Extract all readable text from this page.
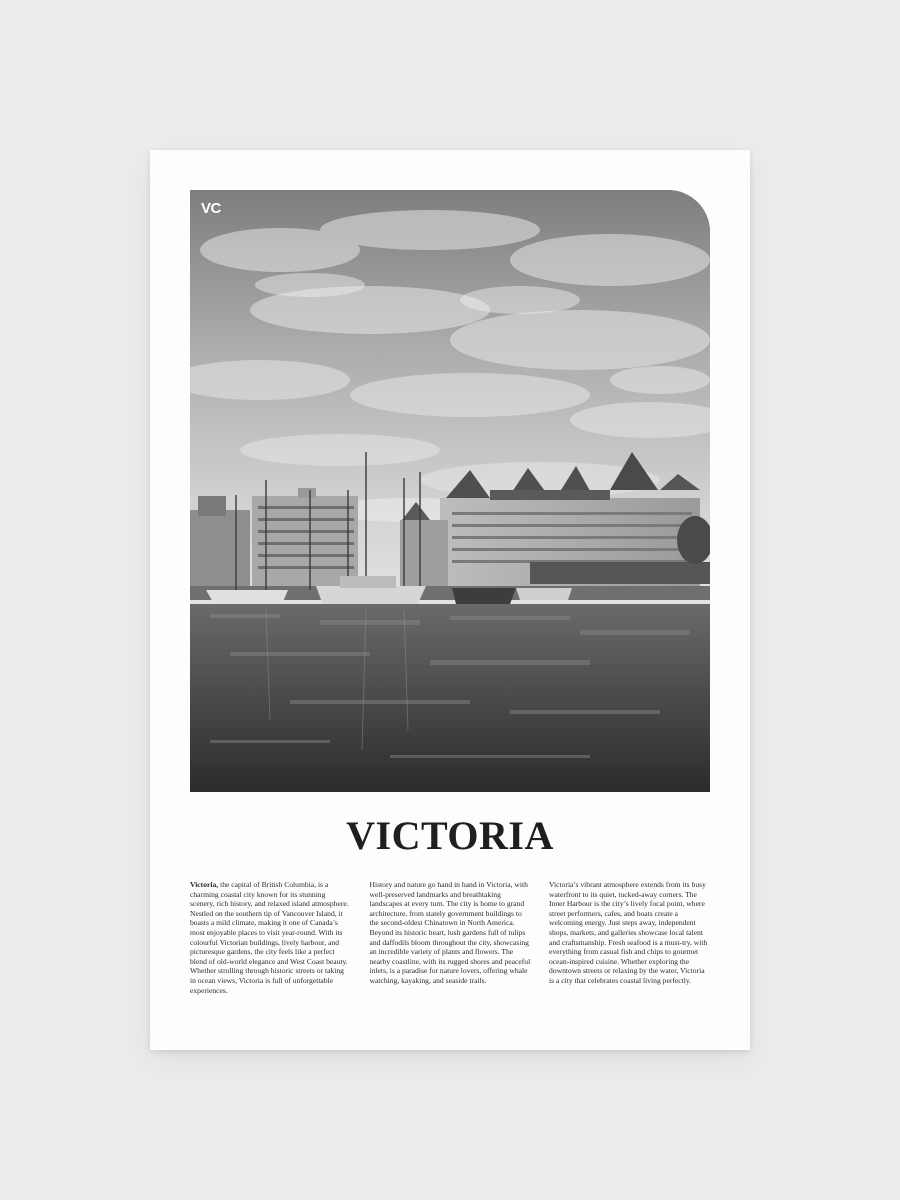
VC
VICTORIA
Victoria, the capital of British Columbia, is a charming coastal city known for its stunning scenery, rich history, and relaxed island atmosphere. Nestled on the southern tip of Vancouver Island, it boasts a mild climate, making it one of Canada’s most enjoyable places to visit year-round. With its colourful Victorian buildings, lively harbour, and picturesque gardens, the city feels like a perfect blend of old-world elegance and West Coast beauty. Whether strolling through historic streets or taking in ocean views, Victoria is full of unforgettable experiences.
History and nature go hand in hand in Victoria, with well-preserved landmarks and breathtaking landscapes at every turn. The city is home to grand architecture, from stately government buildings to the second-oldest Chinatown in North America. Beyond its historic heart, lush gardens full of tulips and daffodils bloom throughout the city, showcasing an incredible variety of plants and flowers. The nearby coastline, with its rugged shores and peaceful inlets, is a paradise for nature lovers, offering whale watching, kayaking, and seaside trails.
Victoria’s vibrant atmosphere extends from its busy waterfront to its quiet, tucked-away corners. The Inner Harbour is the city’s lively focal point, where street performers, cafes, and boats create a welcoming energy. Just steps away, independent shops, markets, and galleries showcase local talent and craftsmanship. Fresh seafood is a must-try, with everything from casual fish and chips to gourmet ocean-inspired cuisine. Whether exploring the downtown streets or relaxing by the water, Victoria is a city that celebrates coastal living perfectly.
